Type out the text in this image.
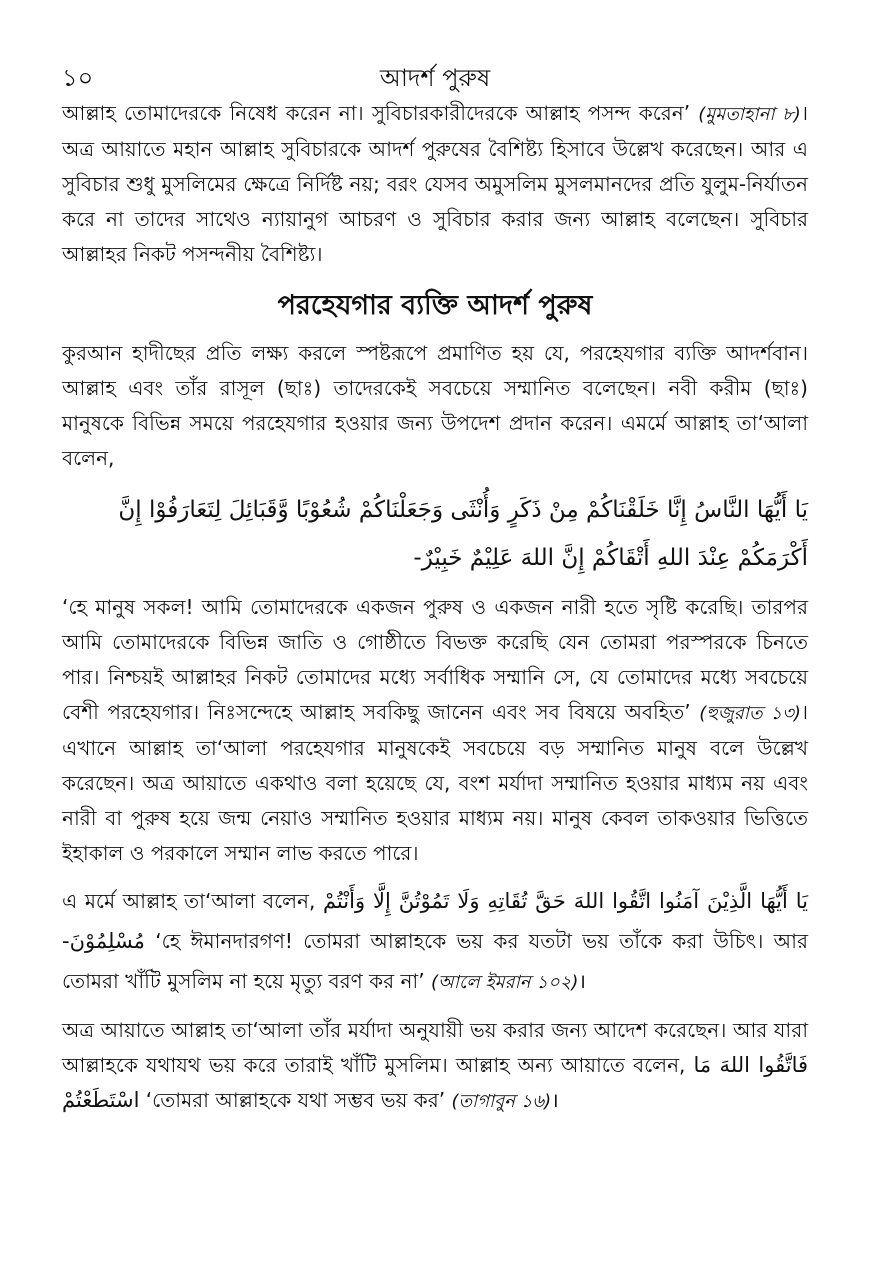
১০	আদর্শ পুরুষ

আল্লাহ তোমাদেরকে নিষেধ করেন না। সুবিচারকারীদেরকে আল্লাহ পসন্দ করেন’ (মুমতাহানা ৮)। অত্র আয়াতে মহান আল্লাহ সুবিচারকে আদর্শ পুরুষের বৈশিষ্ট্য হিসাবে উল্লেখ করেছেন। আর এ সুবিচার শুধু মুসলিমের ক্ষেত্রে নির্দিষ্ট নয়; বরং যেসব অমুসলিম মুসলমানদের প্রতি যুলুম-নির্যাতন করে না তাদের সাথেও ন্যায়ানুগ আচরণ ও সুবিচার করার জন্য আল্লাহ বলেছেন। সুবিচার আল্লাহর নিকট পসন্দনীয় বৈশিষ্ট্য।

পরহেযগার ব্যক্তি আদর্শ পুরুষ

কুরআন হাদীছের প্রতি লক্ষ্য করলে স্পষ্টরূপে প্রমাণিত হয় যে, পরহেযগার ব্যক্তি আদর্শবান। আল্লাহ এবং তাঁর রাসূল (ছাঃ) তাদেরকেই সবচেয়ে সম্মানিত বলেছেন। নবী করীম (ছাঃ) মানুষকে বিভিন্ন সময়ে পরহেযগার হওয়ার জন্য উপদেশ প্রদান করেন। এমর্মে আল্লাহ তা‘আলা বলেন,

يَا أَيُّهَا النَّاسُ إِنَّا خَلَقْنَاكُمْ مِنْ ذَكَرٍ وَأُنْثَى وَجَعَلْنَاكُمْ شُعُوْبًا وَّقَبَائِلَ لِتَعَارَفُوْا إِنَّ أَكْرَمَكُمْ عِنْدَ اللهِ أَتْقَاكُمْ إِنَّ اللهَ عَلِيْمٌ خَبِيْرٌ-

‘হে মানুষ সকল! আমি তোমাদেরকে একজন পুরুষ ও একজন নারী হতে সৃষ্টি করেছি। তারপর আমি তোমাদেরকে বিভিন্ন জাতি ও গোষ্ঠীতে বিভক্ত করেছি যেন তোমরা পরস্পরকে চিনতে পার। নিশ্চয়ই আল্লাহর নিকট তোমাদের মধ্যে সর্বাধিক সম্মানি সে, যে তোমাদের মধ্যে সবচেয়ে বেশী পরহেযগার। নিঃসন্দেহে আল্লাহ সবকিছু জানেন এবং সব বিষয়ে অবহিত’ (হুজুরাত ১৩)। এখানে আল্লাহ তা‘আলা পরহেযগার মানুষকেই সবচেয়ে বড় সম্মানিত মানুষ বলে উল্লেখ করেছেন। অত্র আয়াতে একথাও বলা হয়েছে যে, বংশ মর্যাদা সম্মানিত হওয়ার মাধ্যম নয় এবং নারী বা পুরুষ হয়ে জন্ম নেয়াও সম্মানিত হওয়ার মাধ্যম নয়। মানুষ কেবল তাকওয়ার ভিত্তিতে ইহাকাল ও পরকালে সম্মান লাভ করতে পারে।

এ মর্মে আল্লাহ তা‘আলা বলেন, يَا أَيُّهَا الَّذِيْنَ آمَنُوا اتَّقُوا اللهَ حَقَّ تُقَاتِهِ وَلَا تَمُوْتُنَّ إِلَّا وَأَنْتُمْ مُسْلِمُوْنَ- ‘হে ঈমানদারগণ! তোমরা আল্লাহকে ভয় কর যতটা ভয় তাঁকে করা উচিৎ। আর তোমরা খাঁটি মুসলিম না হয়ে মৃত্যু বরণ কর না’ (আলে ইমরান ১০২)।

অত্র আয়াতে আল্লাহ তা‘আলা তাঁর মর্যাদা অনুযায়ী ভয় করার জন্য আদেশ করেছেন। আর যারা আল্লাহকে যথাযথ ভয় করে তারাই খাঁটি মুসলিম। আল্লাহ অন্য আয়াতে বলেন, فَاتَّقُوا اللهَ مَا اسْتَطَعْتُمْ ‘তোমরা আল্লাহকে যথা সম্ভব ভয় কর’ (তাগাবুন ১৬)।
